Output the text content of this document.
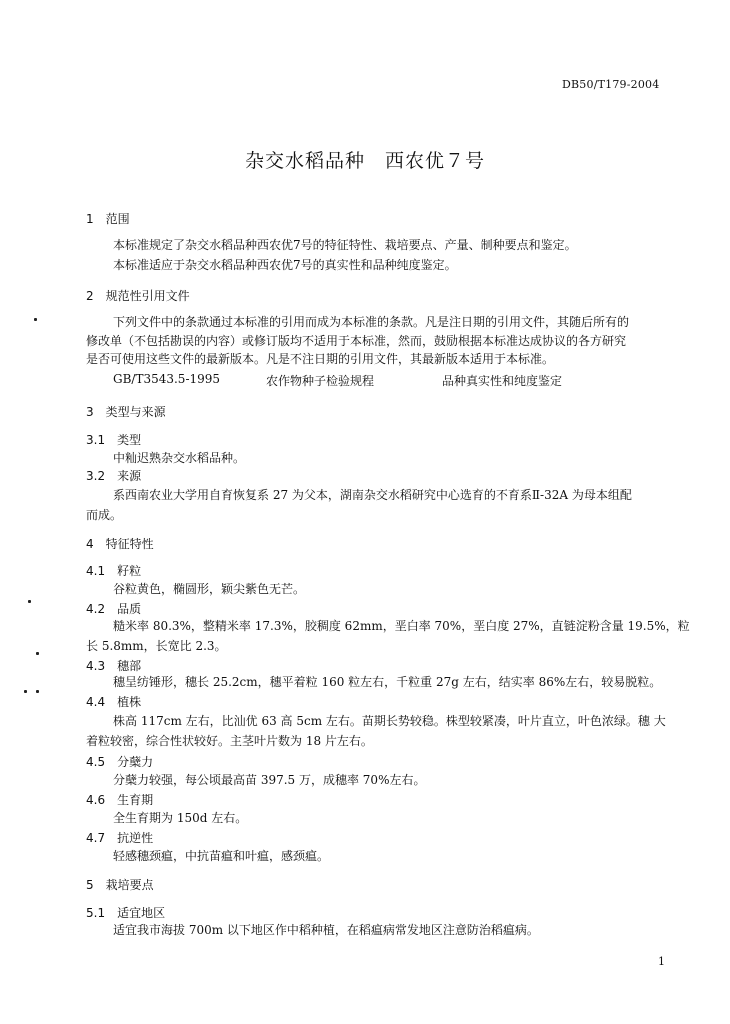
DB50/T179-2004
杂交水稻品种　西农优７号
1　范围
本标准规定了杂交水稻品种西农优7号的特征特性、栽培要点、产量、制种要点和鉴定。
本标准适应于杂交水稻品种西农优7号的真实性和品种纯度鉴定。
2　规范性引用文件
下列文件中的条款通过本标准的引用而成为本标准的条款。凡是注日期的引用文件，其随后所有的
修改单（不包括勘误的内容）或修订版均不适用于本标准，然而，鼓励根据本标准达成协议的各方研究
是否可使用这些文件的最新版本。凡是不注日期的引用文件，其最新版本适用于本标准。
GB/T3543.5-1995	农作物种子检验规程	品种真实性和纯度鉴定
3　类型与来源
3.1　类型
中籼迟熟杂交水稻品种。
3.2　来源
系西南农业大学用自育恢复系 27 为父本，湖南杂交水稻研究中心选育的不育系Ⅱ-32A 为母本组配
而成。
4　特征特性
4.1　籽粒
谷粒黄色，椭圆形，颖尖紫色无芒。
4.2　品质
糙米率 80.3%，整精米率 17.3%，胶稠度 62mm，垩白率 70%，垩白度 27%，直链淀粉含量 19.5%，粒
长 5.8mm，长宽比 2.3。
4.3　穗部
穗呈纺锤形，穗长 25.2cm，穗平着粒 160 粒左右，千粒重 27g 左右，结实率 86%左右，较易脱粒。
4.4　植株
株高 117cm 左右，比汕优 63 高 5cm 左右。苗期长势较稳。株型较紧凑，叶片直立，叶色浓绿。穗 大
着粒较密，综合性状较好。主茎叶片数为 18 片左右。
4.5　分蘖力
分蘖力较强，每公顷最高苗 397.5 万，成穗率 70%左右。
4.6　生育期
全生育期为 150d 左右。
4.7　抗逆性
轻感穗颈瘟，中抗苗瘟和叶瘟，感颈瘟。
5　栽培要点
5.1　适宜地区
适宜我市海拔 700m 以下地区作中稻种植，在稻瘟病常发地区注意防治稻瘟病。
1
